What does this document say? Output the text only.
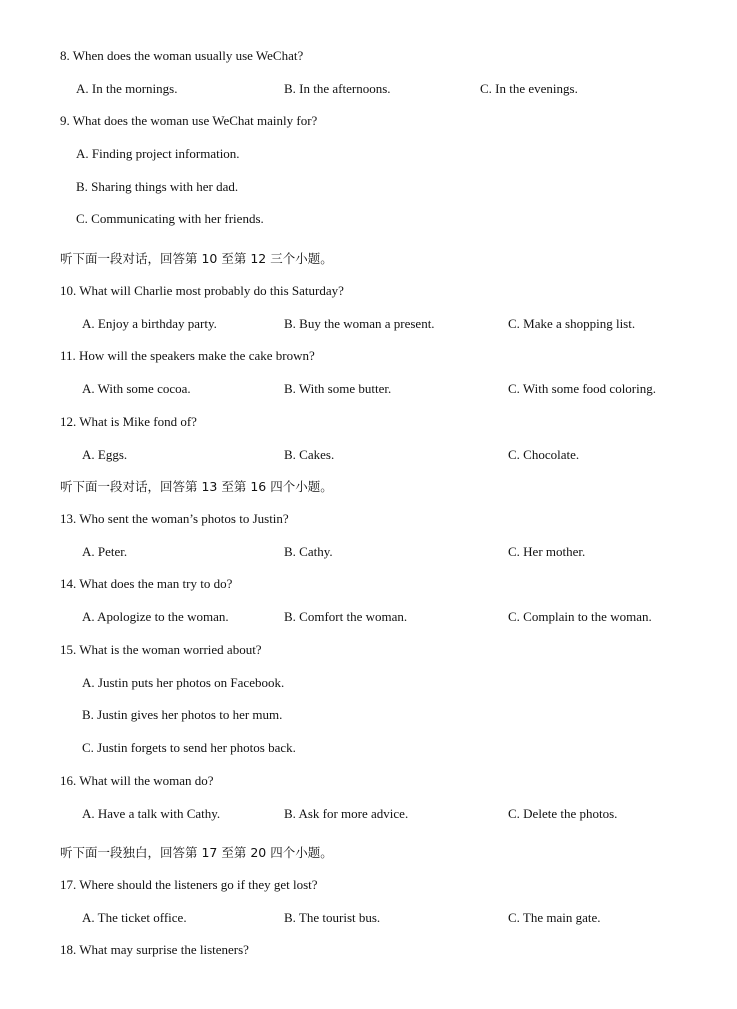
8. When does the woman usually use WeChat?
A. In the mornings.	B. In the afternoons.	C. In the evenings.
9. What does the woman use WeChat mainly for?
A. Finding project information.
B. Sharing things with her dad.
C. Communicating with her friends.
听下面一段对话，回答第 10 至第 12 三个小题。
10. What will Charlie most probably do this Saturday?
A. Enjoy a birthday party.	B. Buy the woman a present.	C. Make a shopping list.
11. How will the speakers make the cake brown?
A. With some cocoa.	B. With some butter.	C. With some food coloring.
12. What is Mike fond of?
A. Eggs.	B. Cakes.	C. Chocolate.
听下面一段对话，回答第 13 至第 16 四个小题。
13. Who sent the woman’s photos to Justin?
A. Peter.	B. Cathy.	C. Her mother.
14. What does the man try to do?
A. Apologize to the woman.	B. Comfort the woman.	C. Complain to the woman.
15. What is the woman worried about?
A. Justin puts her photos on Facebook.
B. Justin gives her photos to her mum.
C. Justin forgets to send her photos back.
16. What will the woman do?
A. Have a talk with Cathy.	B. Ask for more advice.	C. Delete the photos.
听下面一段独白，回答第 17 至第 20 四个小题。
17. Where should the listeners go if they get lost?
A. The ticket office.	B. The tourist bus.	C. The main gate.
18. What may surprise the listeners?
